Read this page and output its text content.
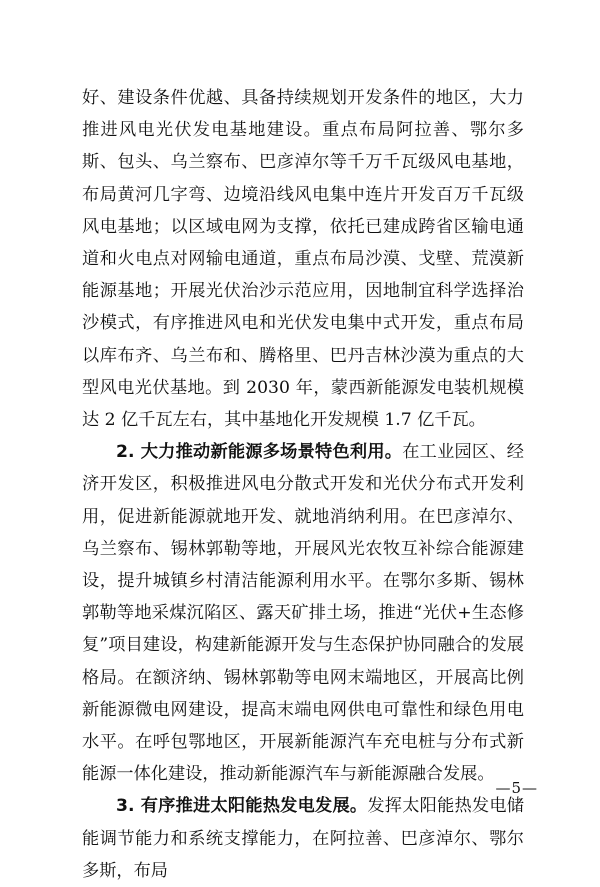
好、建设条件优越、具备持续规划开发条件的地区，大力推进风电光伏发电基地建设。重点布局阿拉善、鄂尔多斯、包头、乌兰察布、巴彦淖尔等千万千瓦级风电基地，布局黄河几字弯、边境沿线风电集中连片开发百万千瓦级风电基地；以区域电网为支撑，依托已建成跨省区输电通道和火电点对网输电通道，重点布局沙漠、戈壁、荒漠新能源基地；开展光伏治沙示范应用，因地制宜科学选择治沙模式，有序推进风电和光伏发电集中式开发，重点布局以库布齐、乌兰布和、腾格里、巴丹吉林沙漠为重点的大型风电光伏基地。到 2030 年，蒙西新能源发电装机规模达 2 亿千瓦左右，其中基地化开发规模 1.7 亿千瓦。

2. 大力推动新能源多场景特色利用。在工业园区、经济开发区，积极推进风电分散式开发和光伏分布式开发利用，促进新能源就地开发、就地消纳利用。在巴彦淖尔、乌兰察布、锡林郭勒等地，开展风光农牧互补综合能源建设，提升城镇乡村清洁能源利用水平。在鄂尔多斯、锡林郭勒等地采煤沉陷区、露天矿排土场，推进“光伏+生态修复”项目建设，构建新能源开发与生态保护协同融合的发展格局。在额济纳、锡林郭勒等电网末端地区，开展高比例新能源微电网建设，提高末端电网供电可靠性和绿色用电水平。在呼包鄂地区，开展新能源汽车充电桩与分布式新能源一体化建设，推动新能源汽车与新能源融合发展。

3. 有序推进太阳能热发电发展。发挥太阳能热发电储能调节能力和系统支撑能力，在阿拉善、巴彦淖尔、鄂尔多斯，布局

—5—
